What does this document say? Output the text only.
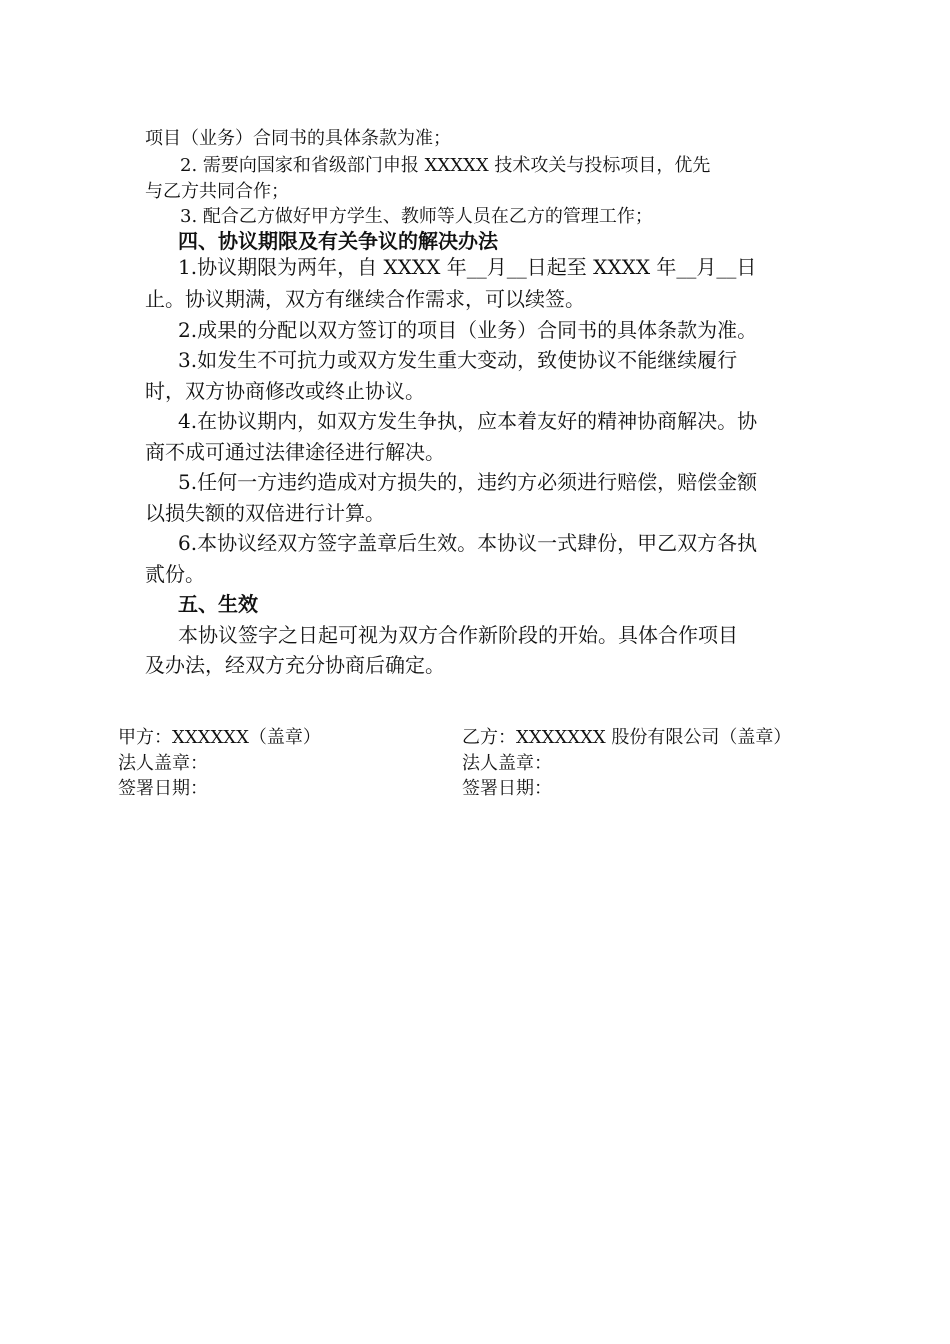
项目（业务）合同书的具体条款为准；
2. 需要向国家和省级部门申报 XXXXX 技术攻关与投标项目，优先
与乙方共同合作；
3. 配合乙方做好甲方学生、教师等人员在乙方的管理工作；
四、协议期限及有关争议的解决办法
1.协议期限为两年，自 XXXX 年__月__日起至 XXXX 年__月__日
止。协议期满，双方有继续合作需求，可以续签。
2.成果的分配以双方签订的项目（业务）合同书的具体条款为准。
3.如发生不可抗力或双方发生重大变动，致使协议不能继续履行
时，双方协商修改或终止协议。
4.在协议期内，如双方发生争执，应本着友好的精神协商解决。协
商不成可通过法律途径进行解决。
5.任何一方违约造成对方损失的，违约方必须进行赔偿，赔偿金额
以损失额的双倍进行计算。
6.本协议经双方签字盖章后生效。本协议一式肆份，甲乙双方各执
贰份。
五、生效
本协议签字之日起可视为双方合作新阶段的开始。具体合作项目
及办法，经双方充分协商后确定。
甲方：XXXXXX（盖章）
法人盖章：
签署日期：
乙方：XXXXXXX 股份有限公司（盖章）
法人盖章：
签署日期：
